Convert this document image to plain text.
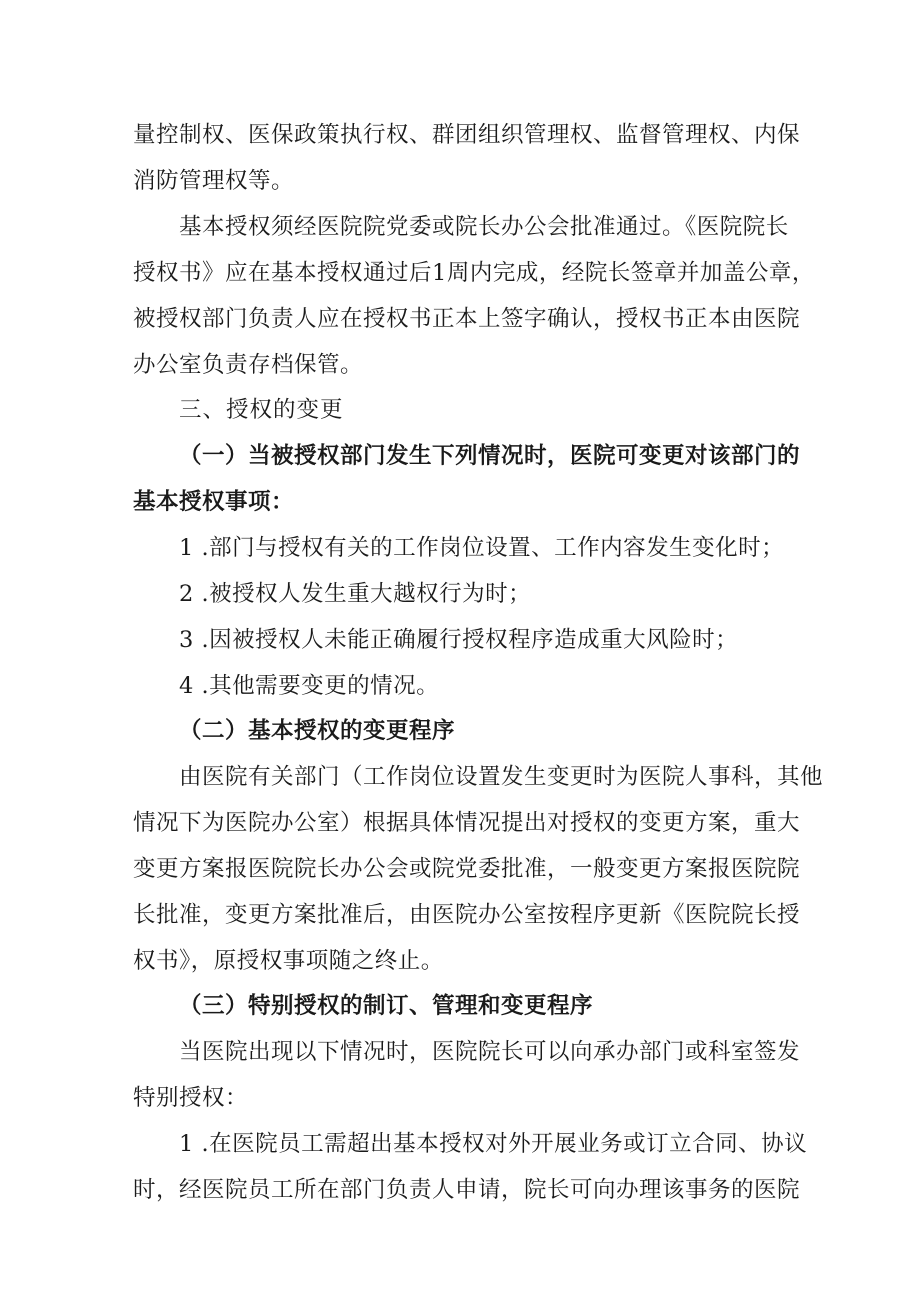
量控制权、医保政策执行权、群团组织管理权、监督管理权、内保
消防管理权等。
基本授权须经医院院党委或院长办公会批准通过。《医院院长
授权书》应在基本授权通过后1周内完成，经院长签章并加盖公章，
被授权部门负责人应在授权书正本上签字确认，授权书正本由医院
办公室负责存档保管。
三、授权的变更
（一）当被授权部门发生下列情况时，医院可变更对该部门的
基本授权事项：
1 .部门与授权有关的工作岗位设置、工作内容发生变化时；
2 .被授权人发生重大越权行为时；
3 .因被授权人未能正确履行授权程序造成重大风险时；
4 .其他需要变更的情况。
（二）基本授权的变更程序
由医院有关部门（工作岗位设置发生变更时为医院人事科，其他
情况下为医院办公室）根据具体情况提出对授权的变更方案，重大
变更方案报医院院长办公会或院党委批准，一般变更方案报医院院
长批准，变更方案批准后，由医院办公室按程序更新《医院院长授
权书》，原授权事项随之终止。
（三）特别授权的制订、管理和变更程序
当医院出现以下情况时，医院院长可以向承办部门或科室签发
特别授权：
1 .在医院员工需超出基本授权对外开展业务或订立合同、协议
时，经医院员工所在部门负责人申请，院长可向办理该事务的医院
